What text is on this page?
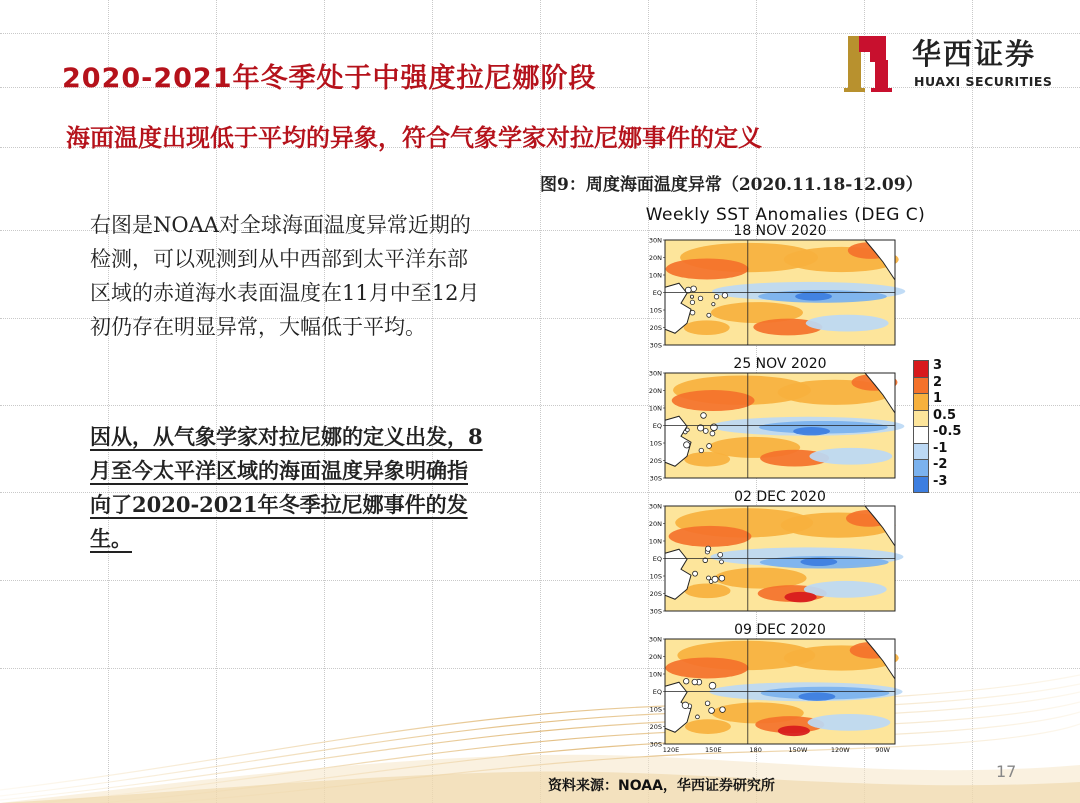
2020-2021年冬季处于中强度拉尼娜阶段
华西证券
HUAXI SECURITIES
海面温度出现低于平均的异象，符合气象学家对拉尼娜事件的定义
图9：周度海面温度异常（2020.11.18-12.09）
右图是NOAA对全球海面温度异常近期的检测，可以观测到从中西部到太平洋东部区域的赤道海水表面温度在11月中至12月初仍存在明显异常，大幅低于平均。
因从，从气象学家对拉尼娜的定义出发，8月至今太平洋区域的海面温度异象明确指向了2020-2021年冬季拉尼娜事件的发生。
Weekly SST Anomalies (DEG C)
18 NOV 2020
30N
20N
10N
EQ
10S
20S
30S
25 NOV 2020
30N
20N
10N
EQ
10S
20S
30S
02 DEC 2020
30N
20N
10N
EQ
10S
20S
30S
09 DEC 2020
30N
20N
10N
EQ
10S
20S
30S
120E	150E	180	150W	120W	90W
3
2
1
0.5
-0.5
-1
-2
-3
资料来源：NOAA，华西证券研究所
17
